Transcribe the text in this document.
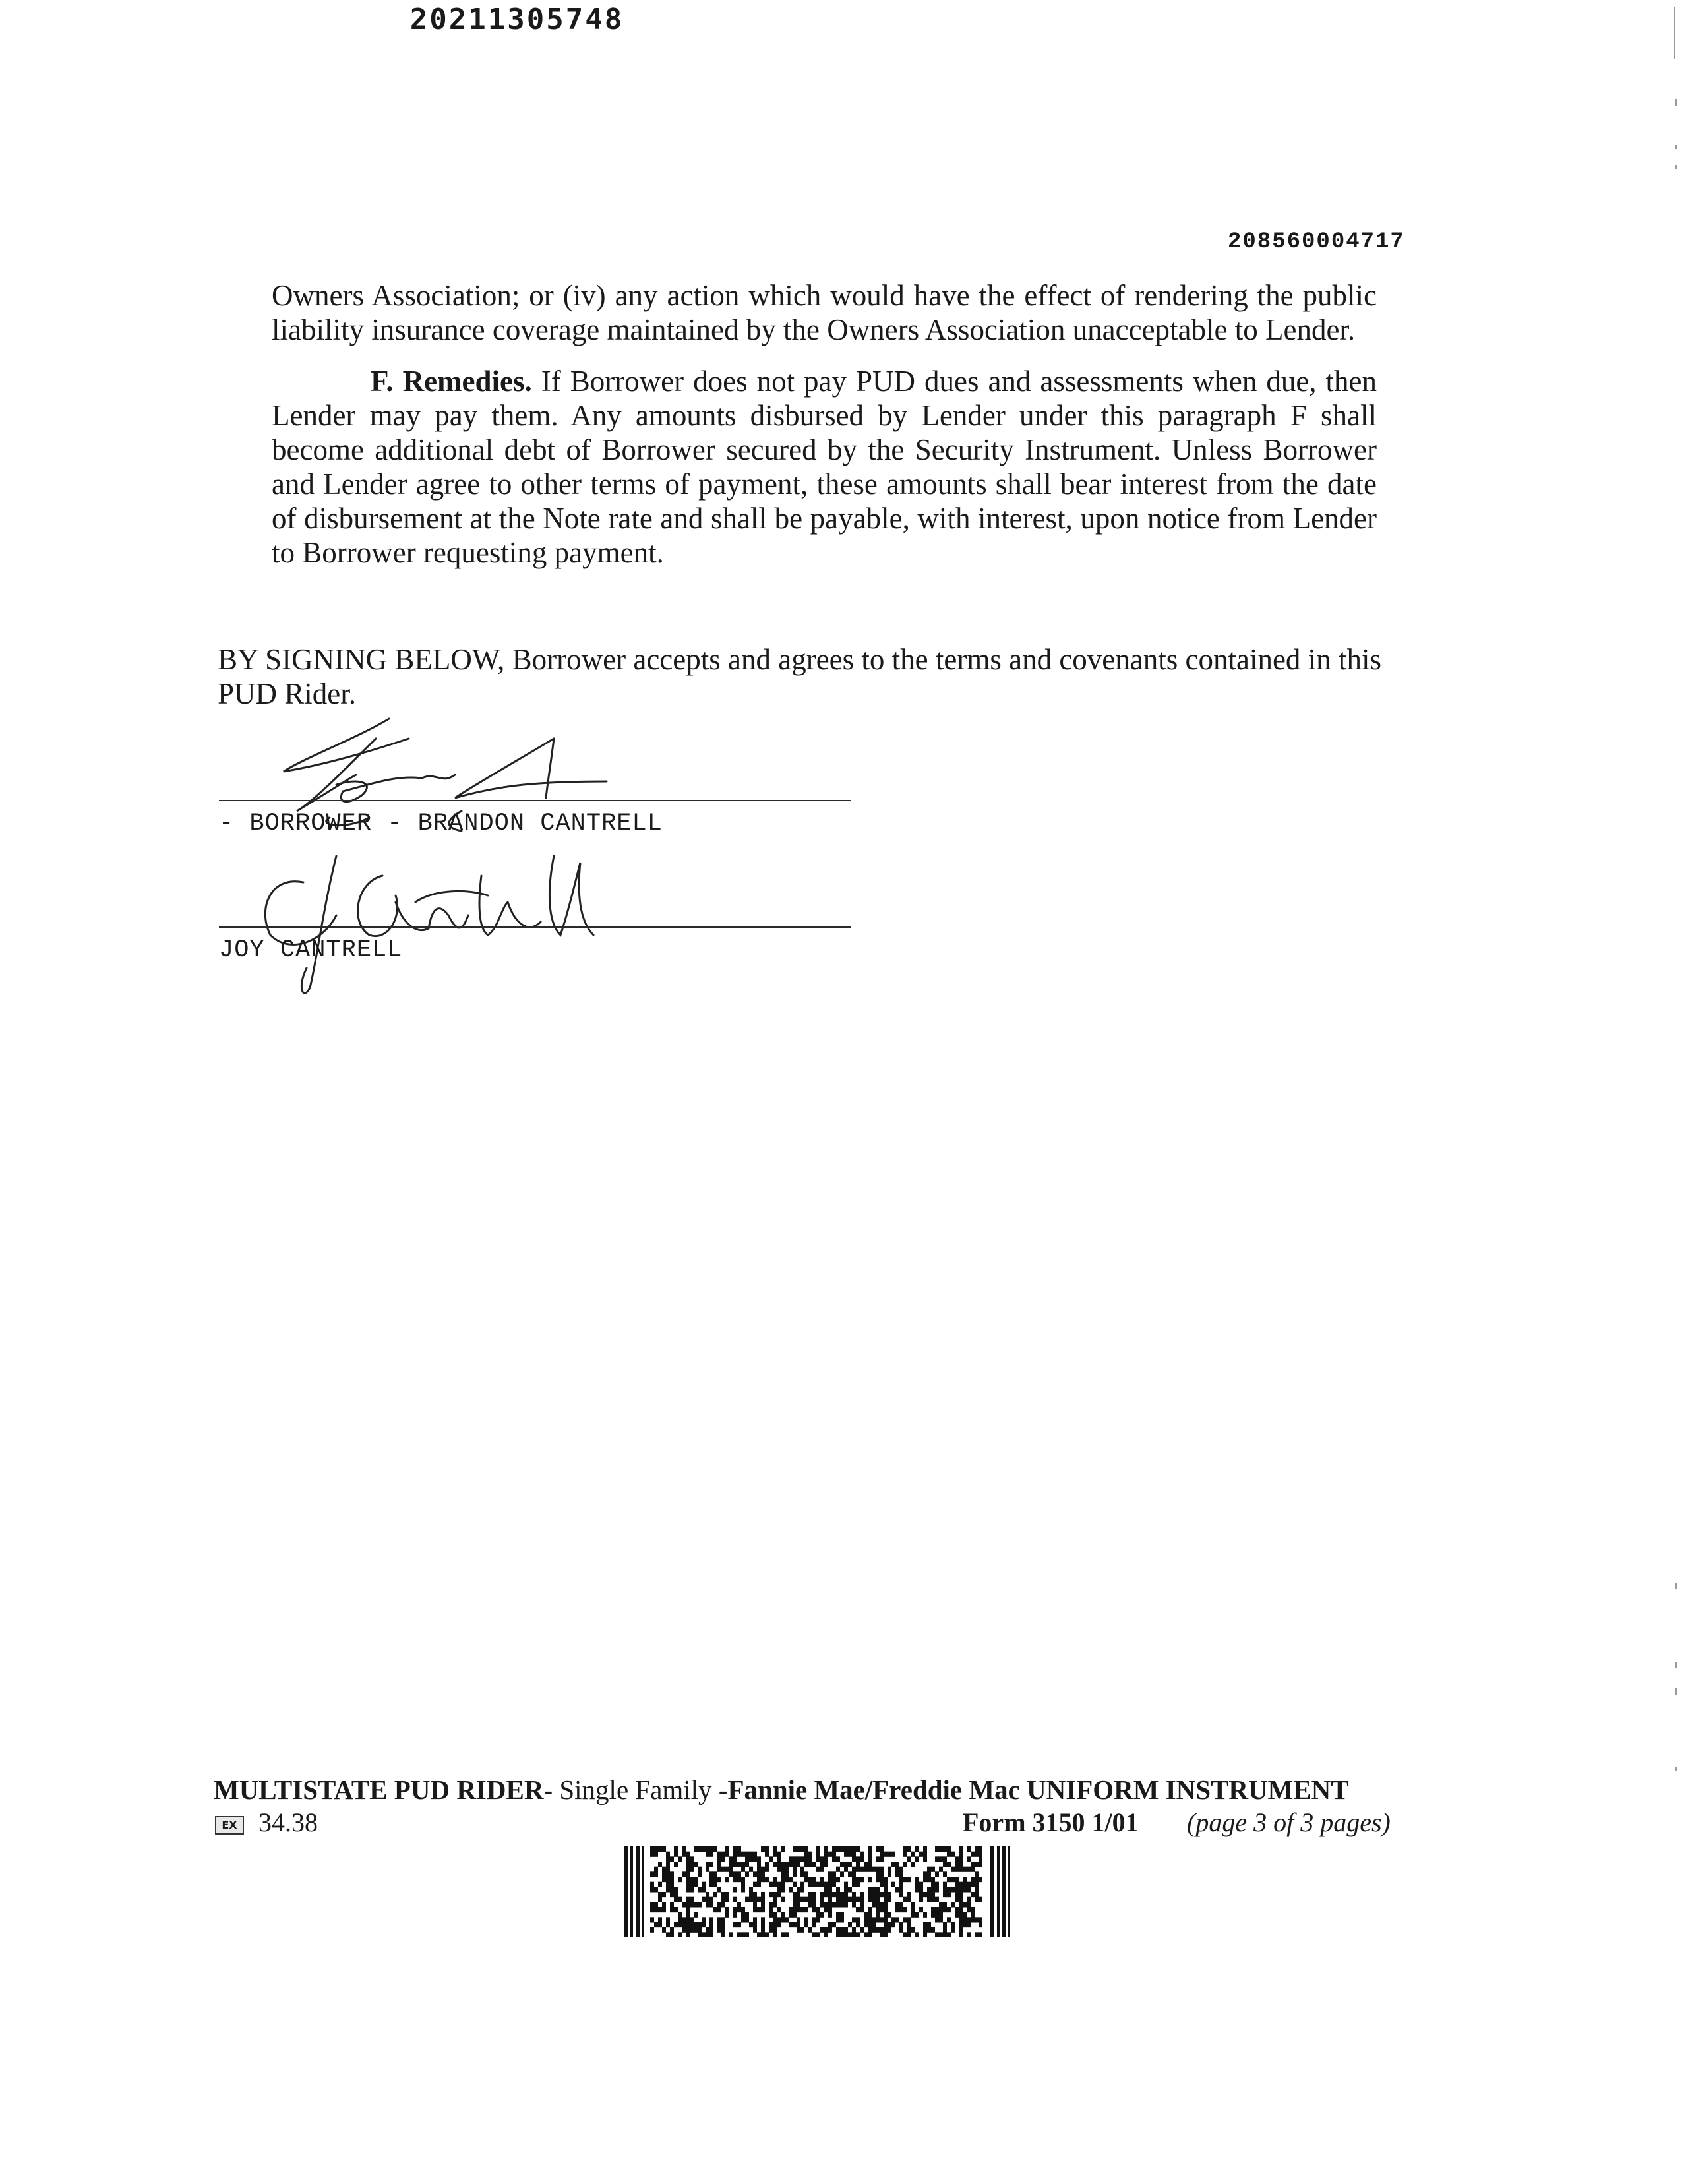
20211305748
208560004717
Owners Association; or (iv) any action which would have the effect of rendering the public liability insurance coverage maintained by the Owners Association unacceptable to Lender.
F. Remedies. If Borrower does not pay PUD dues and assessments when due, then Lender may pay them. Any amounts disbursed by Lender under this paragraph F shall become additional debt of Borrower secured by the Security Instrument. Unless Borrower and Lender agree to other terms of payment, these amounts shall bear interest from the date of disbursement at the Note rate and shall be payable, with interest, upon notice from Lender to Borrower requesting payment.
BY SIGNING BELOW, Borrower accepts and agrees to the terms and covenants contained in this PUD Rider.
- BORROWER - BRANDON CANTRELL
JOY CANTRELL
MULTISTATE PUD RIDER- Single Family -Fannie Mae/Freddie Mac UNIFORM INSTRUMENT
EX 34.38	Form 3150 1/01 (page 3 of 3 pages)
